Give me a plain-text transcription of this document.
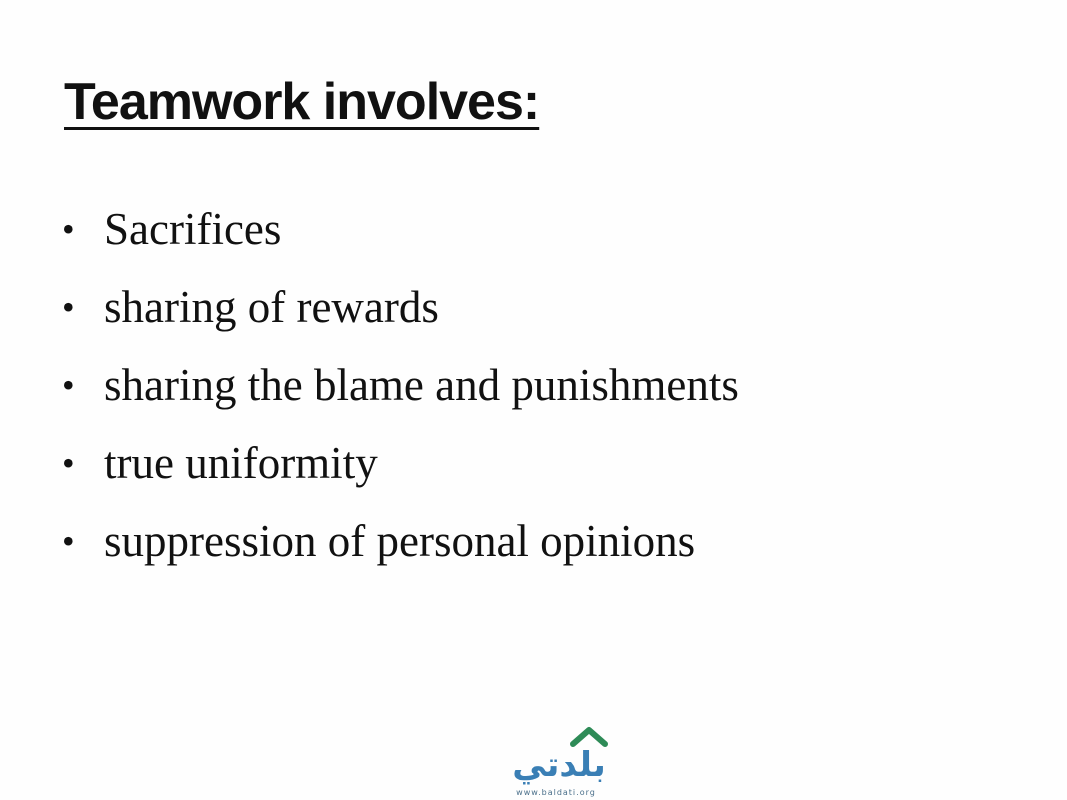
Teamwork involves:
• Sacrifices
• sharing of rewards
• sharing the blame and punishments
• true uniformity
• suppression of personal opinions
بلدتي
www.baldati.org
